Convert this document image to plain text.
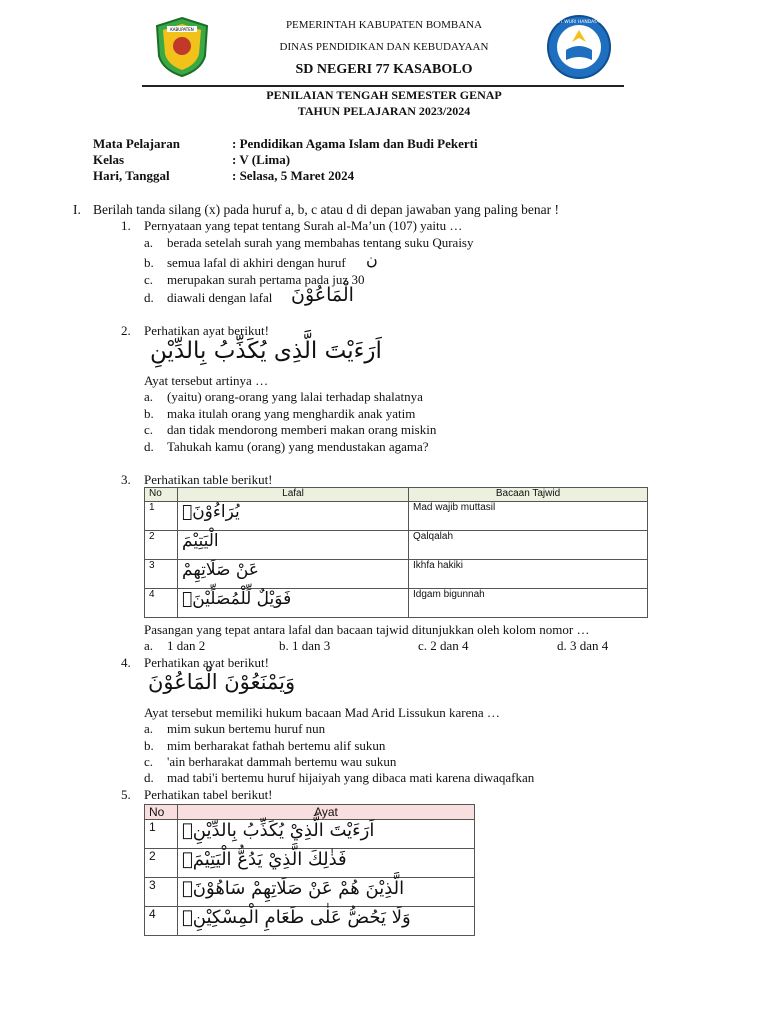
KABUPATEN	PEMERINTAH KABUPATEN BOMBANA
DINAS PENDIDIKAN DAN KEBUDAYAAN
SD NEGERI 77 KASABOLO
TUT WURI HANDAYANI
PENILAIAN TENGAH SEMESTER GENAP
TAHUN PELAJARAN 2023/2024
Mata Pelajaran	: Pendidikan Agama Islam dan Budi Pekerti
Kelas	: V (Lima)
Hari, Tanggal	: Selasa, 5 Maret 2024
I. Berilah tanda silang (x) pada huruf a, b, c atau d di depan jawaban yang paling benar !
1. Pernyataan yang tepat tentang Surah al-Ma’un (107) yaitu …
a. berada setelah surah yang membahas tentang suku Quraisy
b. semua lafal di akhiri dengan huruf ن
c. merupakan surah pertama pada juz 30
d. diawali dengan lafal الْمَاعُوْنَ
2. Perhatikan ayat berikut!
اَرَءَيْتَ الَّذِى يُكَذِّبُ بِالدِّيْنِ
Ayat tersebut artinya …
a. (yaitu) orang-orang yang lalai terhadap shalatnya
b. maka itulah orang yang menghardik anak yatim
c. dan tidak mendorong memberi makan orang miskin
d. Tahukah kamu (orang) yang mendustakan agama?
3. Perhatikan table berikut!
No	Lafal	Bacaan Tajwid
1	يُرَاءُوْنَۙ	Mad wajib muttasil
2	الْيَتِيْمَ	Qalqalah
3	عَنْ صَلَاتِهِمْ	Ikhfa hakiki
4	فَوَيْلٌ لِّلْمُصَلِّيْنَۙ	Idgam bigunnah
Pasangan yang tepat antara lafal dan bacaan tajwid ditunjukkan oleh kolom nomor …
a. 1 dan 2	b. 1 dan 3	c. 2 dan 4	d. 3 dan 4
4. Perhatikan ayat berikut!
وَيَمْنَعُوْنَ الْمَاعُوْنَ
Ayat tersebut memiliki hukum bacaan Mad Arid Lissukun karena …
a. mim sukun bertemu huruf nun
b. mim berharakat fathah bertemu alif sukun
c. 'ain berharakat dammah bertemu wau sukun
d. mad tabi'i bertemu huruf hijaiyah yang dibaca mati karena diwaqafkan
5. Perhatikan tabel berikut!
No	Ayat
1	اَرَءَيْتَ الَّذِيْ يُكَذِّبُ بِالدِّيْنِۗ
2	فَذٰلِكَ الَّذِيْ يَدُعُّ الْيَتِيْمَۙ
3	الَّذِيْنَ هُمْ عَنْ صَلَاتِهِمْ سَاهُوْنَۙ
4	وَلَا يَحُضُّ عَلٰى طَعَامِ الْمِسْكِيْنِۗ
